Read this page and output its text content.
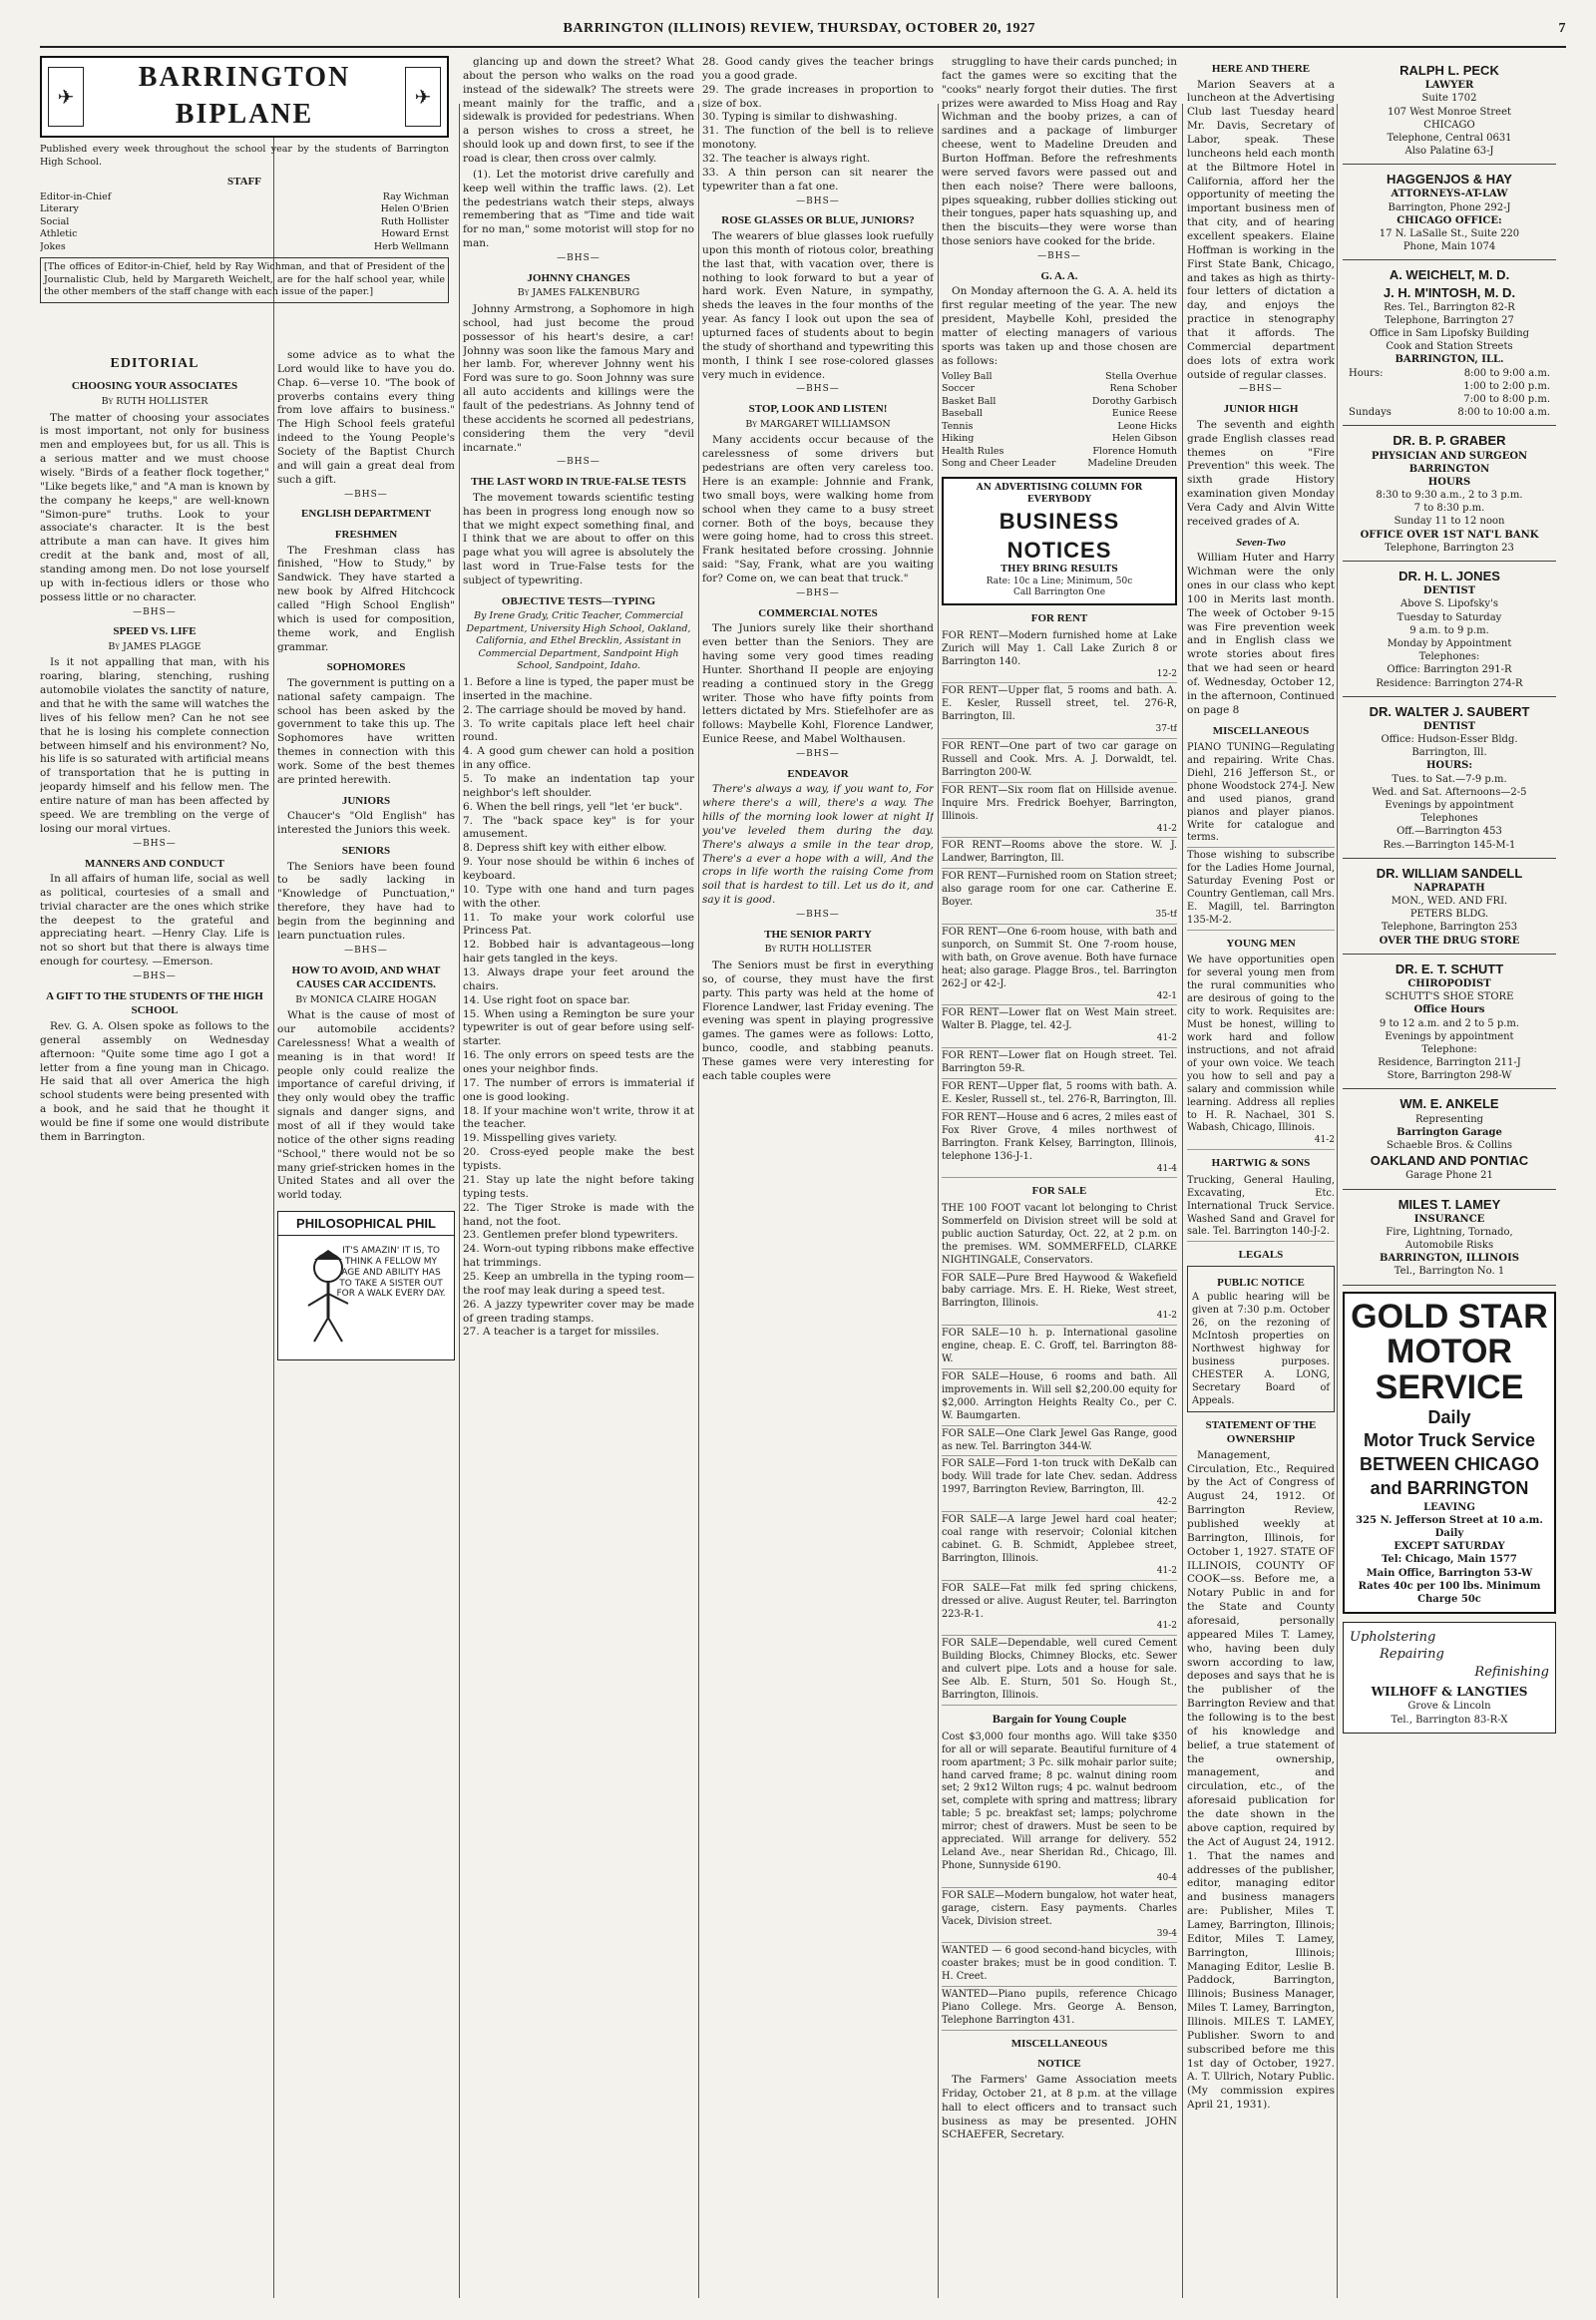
BARRINGTON (ILLINOIS) REVIEW, THURSDAY, OCTOBER 20, 1927	7
✈
BARRINGTON BIPLANE
✈
Published every week throughout the school year by the students of Barrington High School.
STAFF
Editor-in-Chief	Ray Wichman
Literary	Helen O'Brien
Social	Ruth Hollister
Athletic	Howard Ernst
Jokes	Herb Wellmann
[The offices of Editor-in-Chief, held by Ray Wichman, and that of President of the Journalistic Club, held by Margareth Weichelt, are for the half school year, while the other members of the staff change with each issue of the paper.]
EDITORIAL
CHOOSING YOUR ASSOCIATES
By RUTH HOLLISTER

The matter of choosing your associates is most important, not only for business men and employees but, for us all. This is a serious matter and we must choose wisely. "Birds of a feather flock together," "Like begets like," and "A man is known by the company he keeps," are well-known "Simon-pure" truths. Look to your associate's character. It is the best attribute a man can have. It gives him credit at the bank and, most of all, standing among men. Do not lose yourself up with in-fectious idlers or those who possess little or no character.

—BHS—
SPEED VS. LIFE
By JAMES PLAGGE

Is it not appalling that man, with his roaring, blaring, stenching, rushing automobile violates the sanctity of nature, and that he with the same will watches the lives of his fellow men? Can he not see that he is losing his complete connection between himself and his environment? No, his life is so saturated with artificial means of transportation that he is putting in jeopardy himself and his fellow men. The entire nature of man has been affected by speed. We are trembling on the verge of losing our moral virtues.

—BHS—
MANNERS AND CONDUCT

In all affairs of human life, social as well as political, courtesies of a small and trivial character are the ones which strike the deepest to the grateful and appreciating heart. —Henry Clay. Life is not so short but that there is always time enough for courtesy. —Emerson.

—BHS—
A GIFT TO THE STUDENTS OF THE HIGH SCHOOL

Rev. G. A. Olsen spoke as follows to the general assembly on Wednesday afternoon: "Quite some time ago I got a letter from a fine young man in Chicago. He said that all over America the high school students were being presented with a book, and he said that he thought it would be fine if some one would distribute them in Barrington.

some advice as to what the Lord would like to have you do. Chap. 6—verse 10. "The book of proverbs contains every thing from love affairs to business." The High School feels grateful indeed to the Young People's Society of the Baptist Church and will gain a great deal from such a gift.

—BHS—
ENGLISH DEPARTMENT
FRESHMEN

The Freshman class has finished, "How to Study," by Sandwick. They have started a new book by Alfred Hitchcock called "High School English" which is used for composition, theme work, and English grammar.

SOPHOMORES

The government is putting on a national safety campaign. The school has been asked by the government to take this up. The Sophomores have written themes in connection with this work. Some of the best themes are printed herewith.

JUNIORS

Chaucer's "Old English" has interested the Juniors this week.

SENIORS

The Seniors have been found to be sadly lacking in "Knowledge of Punctuation," therefore, they have had to begin from the beginning and learn punctuation rules.

—BHS—
HOW TO AVOID, AND WHAT CAUSES CAR ACCIDENTS.
By MONICA CLAIRE HOGAN

What is the cause of most of our automobile accidents? Carelessness! What a wealth of meaning is in that word! If people only could realize the importance of careful driving, if they only would obey the traffic signals and danger signs, and most of all if they would take notice of the other signs reading "School," there would not be so many grief-stricken homes in the United States and all over the world today.

PHILOSOPHICAL PHIL
IT'S AMAZIN' IT IS, TO THINK A FELLOW MY AGE AND ABILITY HAS TO TAKE A SISTER OUT FOR A WALK EVERY DAY.

glancing up and down the street? What about the person who walks on the road instead of the sidewalk? The streets were meant mainly for the traffic, and a sidewalk is provided for pedestrians. When a person wishes to cross a street, he should look up and down first, to see if the road is clear, then cross over calmly.

(1). Let the motorist drive carefully and keep well within the traffic laws. (2). Let the pedestrians watch their steps, always remembering that as "Time and tide wait for no man," some motorist will stop for no man.

—BHS—
JOHNNY CHANGES
By JAMES FALKENBURG

Johnny Armstrong, a Sophomore in high school, had just become the proud possessor of his heart's desire, a car! Johnny was soon like the famous Mary and her lamb. For, wherever Johnny went his Ford was sure to go. Soon Johnny was sure all auto accidents and killings were the fault of the pedestrians. As Johnny tend of these accidents he scorned all pedestrians, considering them the very "devil incarnate."

—BHS—
THE LAST WORD IN TRUE-FALSE TESTS

The movement towards scientific testing has been in progress long enough now so that we might expect something final, and I think that we are about to offer on this page what you will agree is absolutely the last word in True-False tests for the subject of typewriting.

OBJECTIVE TESTS—TYPING
By Irene Grady, Critic Teacher, Commercial Department, University High School, Oakland, California, and Ethel Brecklin, Assistant in Commercial Department, Sandpoint High School, Sandpoint, Idaho.
1. Before a line is typed, the paper must be inserted in the machine.
2. The carriage should be moved by hand.
3. To write capitals place left heel chair round.
4. A good gum chewer can hold a position in any office.
5. To make an indentation tap your neighbor's left shoulder.
6. When the bell rings, yell "let 'er buck".
7. The "back space key" is for your amusement.
8. Depress shift key with either elbow.
9. Your nose should be within 6 inches of keyboard.
10. Type with one hand and turn pages with the other.
11. To make your work colorful use Princess Pat.
12. Bobbed hair is advantageous—long hair gets tangled in the keys.
13. Always drape your feet around the chairs.
14. Use right foot on space bar.
15. When using a Remington be sure your typewriter is out of gear before using self-starter.
16. The only errors on speed tests are the ones your neighbor finds.
17. The number of errors is immaterial if one is good looking.
18. If your machine won't write, throw it at the teacher.
19. Misspelling gives variety.
20. Cross-eyed people make the best typists.
21. Stay up late the night before taking typing tests.
22. The Tiger Stroke is made with the hand, not the foot.
23. Gentlemen prefer blond typewriters.
24. Worn-out typing ribbons make effective hat trimmings.
25. Keep an umbrella in the typing room—the roof may leak during a speed test.
26. A jazzy typewriter cover may be made of green trading stamps.
27. A teacher is a target for missiles.
28. Good candy gives the teacher brings you a good grade.
29. The grade increases in proportion to size of box.
30. Typing is similar to dishwashing.
31. The function of the bell is to relieve monotony.
32. The teacher is always right.
33. A thin person can sit nearer the typewriter than a fat one.
—BHS—
ROSE GLASSES OR BLUE, JUNIORS?

The wearers of blue glasses look ruefully upon this month of riotous color, breathing the last that, with vacation over, there is nothing to look forward to but a year of hard work. Even Nature, in sympathy, sheds the leaves in the four months of the year. As fancy I look out upon the sea of upturned faces of students about to begin the study of shorthand and typewriting this month, I think I see rose-colored glasses very much in evidence.

—BHS—
STOP, LOOK AND LISTEN!
By MARGARET WILLIAMSON

Many accidents occur because of the carelessness of some drivers but pedestrians are often very careless too. Here is an example: Johnnie and Frank, two small boys, were walking home from school when they came to a busy street corner. Both of the boys, because they were going home, had to cross this street. Frank hesitated before crossing. Johnnie said: "Say, Frank, what are you waiting for? Come on, we can beat that truck."

—BHS—
COMMERCIAL NOTES

The Juniors surely like their shorthand even better than the Seniors. They are having some very good times reading Hunter. Shorthand II people are enjoying reading a continued story in the Gregg writer. Those who have fifty points from letters dictated by Mrs. Stiefelhofer are as follows: Maybelle Kohl, Florence Landwer, Eunice Reese, and Mabel Wolthausen.

—BHS—
ENDEAVOR

There's always a way, if you want to, For where there's a will, there's a way. The hills of the morning look lower at night If you've leveled them during the day. There's always a smile in the tear drop, There's a ever a hope with a will, And the crops in life worth the raising Come from soil that is hardest to till. Let us do it, and say it is good.

—BHS—
THE SENIOR PARTY
By RUTH HOLLISTER

The Seniors must be first in everything so, of course, they must have the first party. This party was held at the home of Florence Landwer, last Friday evening. The evening was spent in playing progressive games. The games were as follows: Lotto, bunco, coodle, and stabbing peanuts. These games were very interesting for each table couples were

struggling to have their cards punched; in fact the games were so exciting that the "cooks" nearly forgot their duties. The first prizes were awarded to Miss Hoag and Ray Wichman and the booby prizes, a can of sardines and a package of limburger cheese, went to Madeline Dreuden and Burton Hoffman. Before the refreshments were served favors were passed out and then each noise? There were balloons, pipes squeaking, rubber dollies sticking out their tongues, paper hats squashing up, and then the biscuits—they were worse than those seniors have cooked for the bride.

—BHS—
G. A. A.

On Monday afternoon the G. A. A. held its first regular meeting of the year. The new president, Maybelle Kohl, presided the matter of electing managers of various sports was taken up and those chosen are as follows:

Volley Ball	Stella Overhue
Soccer	Rena Schober
Basket Ball	Dorothy Garbisch
Baseball	Eunice Reese
Tennis	Leone Hicks
Hiking	Helen Gibson
Health Rules	Florence Homuth
Song and Cheer Leader	Madeline Dreuden
AN ADVERTISING COLUMN FOR EVERYBODY
BUSINESS NOTICES
THEY BRING RESULTS
Rate: 10c a Line; Minimum, 50c
Call Barrington One
FOR RENT
FOR RENT—Modern furnished home at Lake Zurich will May 1. Call Lake Zurich 8 or Barrington 140.
12-2
FOR RENT—Upper flat, 5 rooms and bath. A. E. Kesler, Russell street, tel. 276-R, Barrington, Ill.
37-tf
FOR RENT—One part of two car garage on Russell and Cook. Mrs. A. J. Dorwaldt, tel. Barrington 200-W.
FOR RENT—Six room flat on Hillside avenue. Inquire Mrs. Fredrick Boehyer, Barrington, Illinois.
41-2
FOR RENT—Rooms above the store. W. J. Landwer, Barrington, Ill.
FOR RENT—Furnished room on Station street; also garage room for one car. Catherine E. Boyer.
35-tf
FOR RENT—One 6-room house, with bath and sunporch, on Summit St. One 7-room house, with bath, on Grove avenue. Both have furnace heat; also garage. Plagge Bros., tel. Barrington 262-J or 42-J.
42-1
FOR RENT—Lower flat on West Main street. Walter B. Plagge, tel. 42-J.
41-2
FOR RENT—Lower flat on Hough street. Tel. Barrington 59-R.
FOR RENT—Upper flat, 5 rooms with bath. A. E. Kesler, Russell st., tel. 276-R, Barrington, Ill.
FOR RENT—House and 6 acres, 2 miles east of Fox River Grove, 4 miles northwest of Barrington. Frank Kelsey, Barrington, Illinois, telephone 136-J-1.
41-4
FOR SALE
THE 100 FOOT vacant lot belonging to Christ Sommerfeld on Division street will be sold at public auction Saturday, Oct. 22, at 2 p.m. on the premises. WM. SOMMERFELD, CLARKE NIGHTINGALE, Conservators.
FOR SALE—Pure Bred Haywood & Wakefield baby carriage. Mrs. E. H. Rieke, West street, Barrington, Illinois.
41-2
FOR SALE—10 h. p. International gasoline engine, cheap. E. C. Groff, tel. Barrington 88-W.
FOR SALE—House, 6 rooms and bath. All improvements in. Will sell $2,200.00 equity for $2,000. Arrington Heights Realty Co., per C. W. Baumgarten.
FOR SALE—One Clark Jewel Gas Range, good as new. Tel. Barrington 344-W.
FOR SALE—Ford 1-ton truck with DeKalb can body. Will trade for late Chev. sedan. Address 1997, Barrington Review, Barrington, Ill.
42-2
FOR SALE—A large Jewel hard coal heater; coal range with reservoir; Colonial kitchen cabinet. G. B. Schmidt, Applebee street, Barrington, Illinois.
41-2
FOR SALE—Fat milk fed spring chickens, dressed or alive. August Reuter, tel. Barrington 223-R-1.
41-2
FOR SALE—Dependable, well cured Cement Building Blocks, Chimney Blocks, etc. Sewer and culvert pipe. Lots and a house for sale. See Alb. E. Sturn, 501 So. Hough St., Barrington, Illinois.
Bargain for Young Couple
Cost $3,000 four months ago. Will take $350 for all or will separate. Beautiful furniture of 4 room apartment; 3 Pc. silk mohair parlor suite; hand carved frame; 8 pc. walnut dining room set; 2 9x12 Wilton rugs; 4 pc. walnut bedroom set, complete with spring and mattress; library table; 5 pc. breakfast set; lamps; polychrome mirror; chest of drawers. Must be seen to be appreciated. Will arrange for delivery. 552 Leland Ave., near Sheridan Rd., Chicago, Ill. Phone, Sunnyside 6190.
40-4
FOR SALE—Modern bungalow, hot water heat, garage, cistern. Easy payments. Charles Vacek, Division street.
39-4
WANTED — 6 good second-hand bicycles, with coaster brakes; must be in good condition. T. H. Creet.
WANTED—Piano pupils, reference Chicago Piano College. Mrs. George A. Benson, Telephone Barrington 431.
MISCELLANEOUS
NOTICE

The Farmers' Game Association meets Friday, October 21, at 8 p.m. at the village hall to elect officers and to transact such business as may be presented. JOHN SCHAEFER, Secretary.

HERE AND THERE

Marion Seavers at a luncheon at the Advertising Club last Tuesday heard Mr. Davis, Secretary of Labor, speak. These luncheons held each month at the Biltmore Hotel in California, afford her the opportunity of meeting the important business men of that city, and of hearing excellent speakers. Elaine Hoffman is working in the First State Bank, Chicago, and takes as high as thirty-four letters of dictation a day, and enjoys the practice in stenography that it affords. The Commercial department does lots of extra work outside of regular classes.

—BHS—
JUNIOR HIGH

The seventh and eighth grade English classes read themes on "Fire Prevention" this week. The sixth grade History examination given Monday Vera Cady and Alvin Witte received grades of A.

Seven-Two

William Huter and Harry Wichman were the only ones in our class who kept 100 in Merits last month. The week of October 9-15 was Fire prevention week and in English class we wrote stories about fires that we had seen or heard of. Wednesday, October 12, in the afternoon, Continued on page 8

MISCELLANEOUS
PIANO TUNING—Regulating and repairing. Write Chas. Diehl, 216 Jefferson St., or phone Woodstock 274-J. New and used pianos, grand pianos and player pianos. Write for catalogue and terms.
Those wishing to subscribe for the Ladies Home Journal, Saturday Evening Post or Country Gentleman, call Mrs. E. Magill, tel. Barrington 135-M-2.
YOUNG MEN
We have opportunities open for several young men from the rural communities who are desirous of going to the city to work. Requisites are: Must be honest, willing to work hard and follow instructions, and not afraid of your own voice. We teach you how to sell and pay a salary and commission while learning. Address all replies to H. R. Nachael, 301 S. Wabash, Chicago, Illinois.
41-2
HARTWIG & SONS
Trucking, General Hauling, Excavating, Etc. International Truck Service. Washed Sand and Gravel for sale. Tel. Barrington 140-J-2.
LEGALS
PUBLIC NOTICE
A public hearing will be given at 7:30 p.m. October 26, on the rezoning of McIntosh properties on Northwest highway for business purposes. CHESTER A. LONG, Secretary Board of Appeals.
STATEMENT OF THE OWNERSHIP

Management, Circulation, Etc., Required by the Act of Congress of August 24, 1912. Of Barrington Review, published weekly at Barrington, Illinois, for October 1, 1927. STATE OF ILLINOIS, COUNTY OF COOK—ss. Before me, a Notary Public in and for the State and County aforesaid, personally appeared Miles T. Lamey, who, having been duly sworn according to law, deposes and says that he is the publisher of the Barrington Review and that the following is to the best of his knowledge and belief, a true statement of the ownership, management, and circulation, etc., of the aforesaid publication for the date shown in the above caption, required by the Act of August 24, 1912. 1. That the names and addresses of the publisher, editor, managing editor and business managers are: Publisher, Miles T. Lamey, Barrington, Illinois; Editor, Miles T. Lamey, Barrington, Illinois; Managing Editor, Leslie B. Paddock, Barrington, Illinois; Business Manager, Miles T. Lamey, Barrington, Illinois. MILES T. LAMEY, Publisher. Sworn to and subscribed before me this 1st day of October, 1927. A. T. Ullrich, Notary Public. (My commission expires April 21, 1931).

RALPH L. PECK
LAWYER
Suite 1702
107 West Monroe Street
CHICAGO
Telephone, Central 0631
Also Palatine 63-J
HAGGENJOS & HAY
ATTORNEYS-AT-LAW
Barrington, Phone 292-J
CHICAGO OFFICE:
17 N. LaSalle St., Suite 220
Phone, Main 1074
A. WEICHELT, M. D.
J. H. M'INTOSH, M. D.
Res. Tel., Barrington 82-R
Telephone, Barrington 27
Office in Sam Lipofsky Building
Cook and Station Streets
BARRINGTON, ILL.
Hours:	8:00 to 9:00 a.m.
1:00 to 2:00 p.m.
7:00 to 8:00 p.m.
Sundays	8:00 to 10:00 a.m.
DR. B. P. GRABER
PHYSICIAN AND SURGEON
BARRINGTON
HOURS
8:30 to 9:30 a.m., 2 to 3 p.m.
7 to 8:30 p.m.
Sunday 11 to 12 noon
OFFICE OVER 1ST NAT'L BANK
Telephone, Barrington 23
DR. H. L. JONES
DENTIST
Above S. Lipofsky's
Tuesday to Saturday
9 a.m. to 9 p.m.
Monday by Appointment
Telephones:
Office: Barrington 291-R
Residence: Barrington 274-R
DR. WALTER J. SAUBERT
DENTIST
Office: Hudson-Esser Bldg.
Barrington, Ill.
HOURS:
Tues. to Sat.—7-9 p.m.
Wed. and Sat. Afternoons—2-5
Evenings by appointment
Telephones
Off.—Barrington 453
Res.—Barrington 145-M-1
DR. WILLIAM SANDELL
NAPRAPATH
MON., WED. AND FRI.
PETERS BLDG.
Telephone, Barrington 253
OVER THE DRUG STORE
DR. E. T. SCHUTT
CHIROPODIST
SCHUTT'S SHOE STORE
Office Hours
9 to 12 a.m. and 2 to 5 p.m.
Evenings by appointment
Telephone:
Residence, Barrington 211-J
Store, Barrington 298-W
WM. E. ANKELE
Representing
Barrington Garage
Schaeble Bros. & Collins
OAKLAND AND PONTIAC
Garage Phone 21
MILES T. LAMEY
INSURANCE
Fire, Lightning, Tornado,
Automobile Risks
BARRINGTON, ILLINOIS
Tel., Barrington No. 1
GOLD STAR
MOTOR
SERVICE
Daily
Motor Truck Service
BETWEEN CHICAGO and BARRINGTON
LEAVING
325 N. Jefferson Street at 10 a.m. Daily
EXCEPT SATURDAY
Tel: Chicago, Main 1577
Main Office, Barrington 53-W
Rates 40c per 100 lbs. Minimum Charge 50c
Upholstering
Repairing
Refinishing
WILHOFF & LANGTIES
Grove & Lincoln
Tel., Barrington 83-R-X
